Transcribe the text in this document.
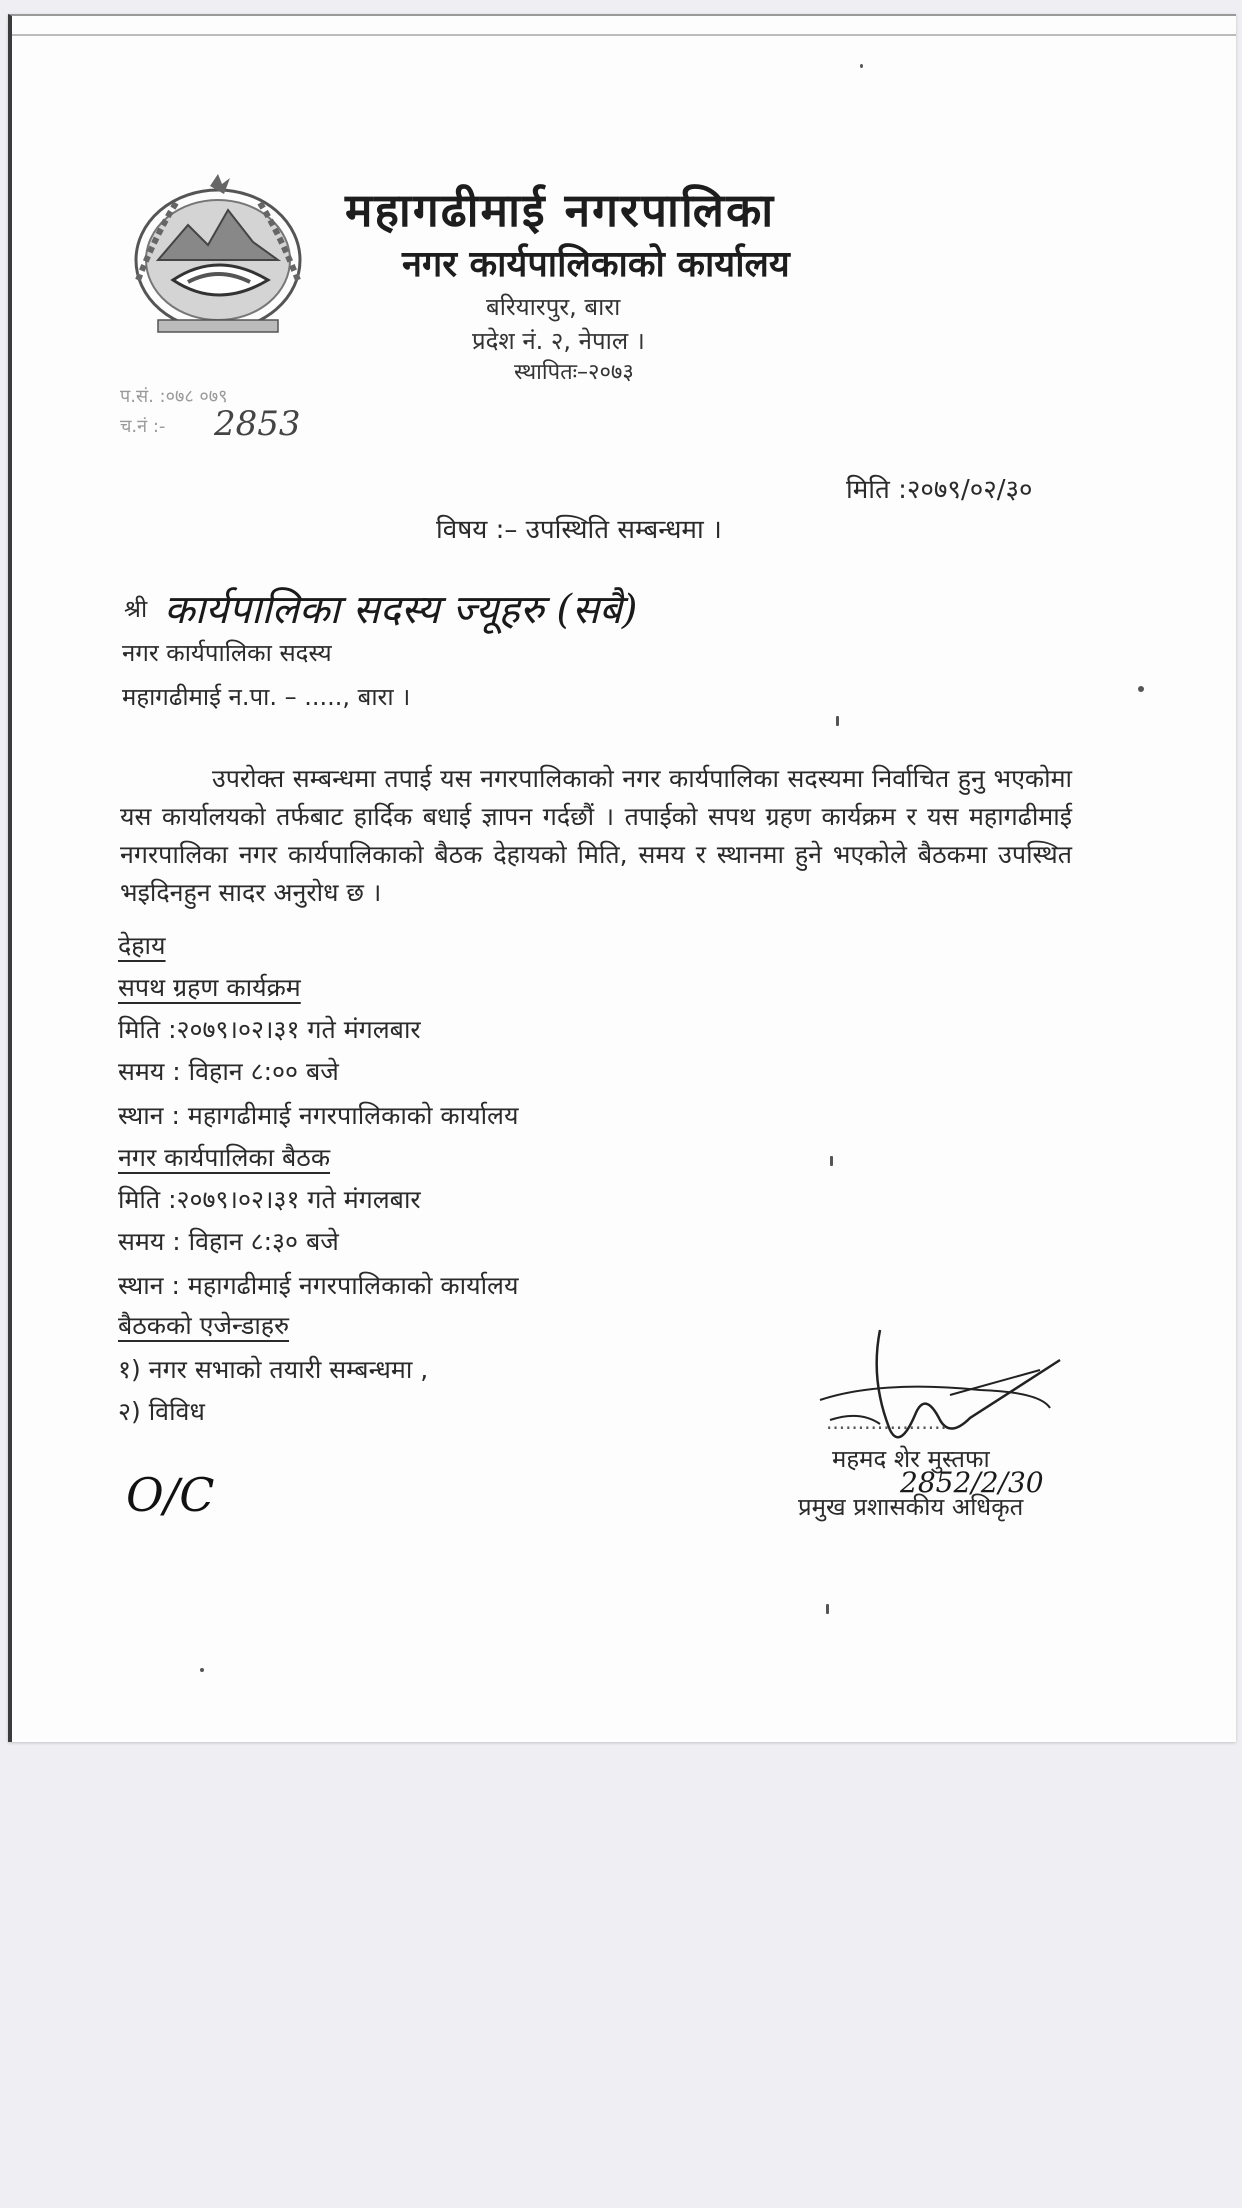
महागढीमाई नगरपालिका
नगर कार्यपालिकाको कार्यालय
बरियारपुर, बारा
प्रदेश नं. २, नेपाल ।
स्थापितः–२०७३
प.सं. :०७८ ०७९
च.नं :- 2853
मिति :२०७९/०२/३०
विषय :– उपस्थिति सम्बन्धमा ।
श्री कार्यपालिका सदस्य ज्यूहरु (सबै)
नगर कार्यपालिका सदस्य
महागढीमाई न.पा. – ....., बारा ।

उपरोक्त सम्बन्धमा तपाई यस नगरपालिकाको नगर कार्यपालिका सदस्यमा निर्वाचित हुनु भएकोमा यस कार्यालयको तर्फबाट हार्दिक बधाई ज्ञापन गर्दछौं । तपाईको सपथ ग्रहण कार्यक्रम र यस महागढीमाई नगरपालिका नगर कार्यपालिकाको बैठक देहायको मिति, समय र स्थानमा हुने भएकोले बैठकमा उपस्थित भइदिनहुन सादर अनुरोध छ ।

देहाय
सपथ ग्रहण कार्यक्रम
मिति :२०७९।०२।३१ गते मंगलबार
समय : विहान ८:०० बजे
स्थान : महागढीमाई नगरपालिकाको कार्यालय
नगर कार्यपालिका बैठक
मिति :२०७९।०२।३१ गते मंगलबार
समय : विहान ८:३० बजे
स्थान : महागढीमाई नगरपालिकाको कार्यालय
बैठकको एजेन्डाहरु
१) नगर सभाको तयारी सम्बन्धमा ,
२) विविध	...................
महमद शेर मुस्तफा
2852/2/30
प्रमुख प्रशासकीय अधिकृत
O/C
